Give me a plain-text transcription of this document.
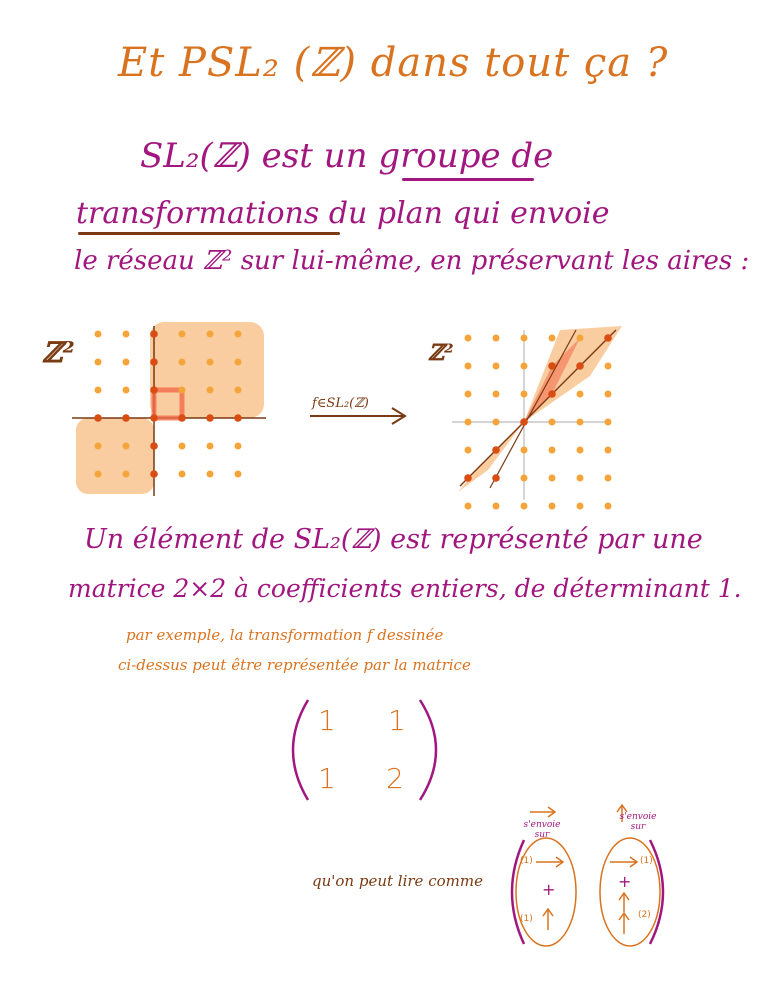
Et PSL₂ (ℤ) dans tout ça ?
SL₂(ℤ) est un groupe de
transformations du plan qui envoie
le réseau ℤ² sur lui-même, en préservant les aires :
ℤ²	ℤ²
f∈SL₂(ℤ)
Un élément de SL₂(ℤ) est représenté par une
matrice 2×2 à coefficients entiers, de déterminant 1.
par exemple, la transformation f dessinée
ci-dessus peut être représentée par la matrice
1 1
1 2
qu'on peut lire comme
s'envoie sur
s'envoie sur
(1)
(1)
(1)
(2)
+	+
